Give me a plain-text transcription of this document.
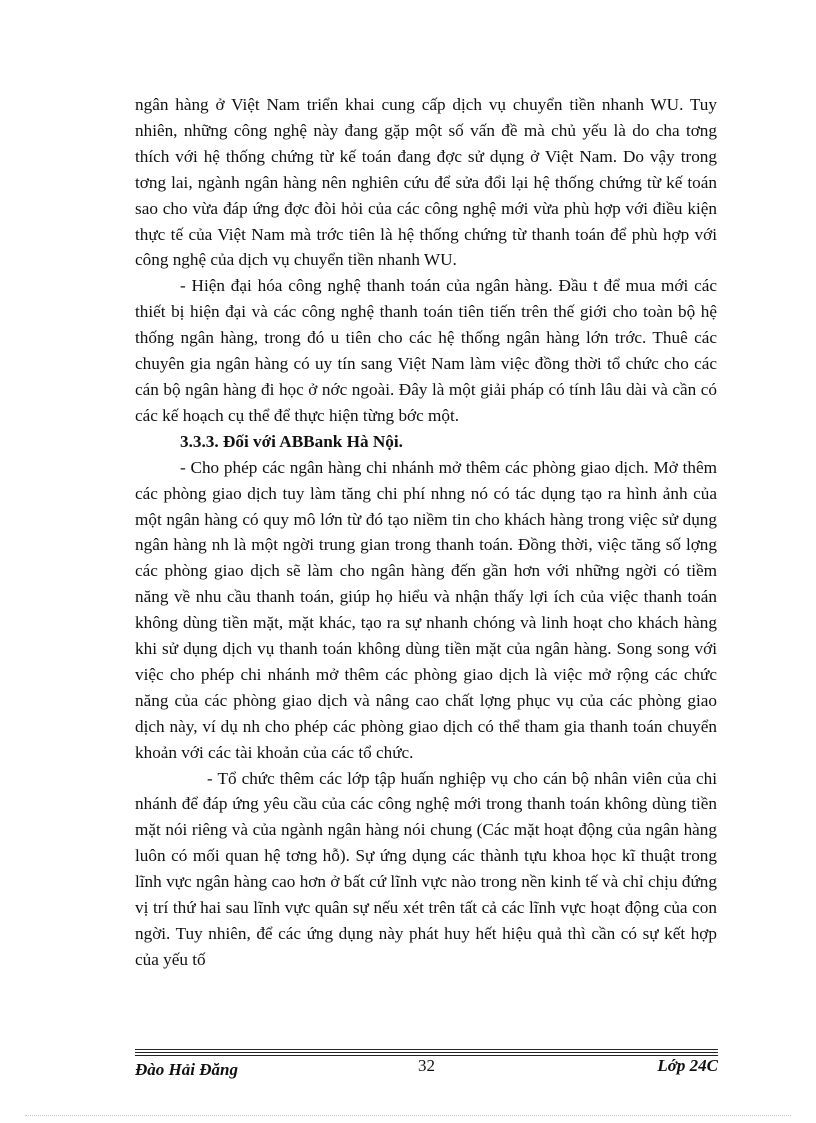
ngân hàng ở Việt Nam triển khai cung cấp dịch vụ chuyển tiền nhanh WU. Tuy nhiên, những công nghệ này đang gặp một số vấn đề mà chủ yếu là do cha tơng thích với hệ thống chứng từ kế toán đang đợc sử dụng ở Việt Nam. Do vậy trong tơng lai, ngành ngân hàng nên nghiên cứu để sửa đổi lại hệ thống chứng từ kế toán sao cho vừa đáp ứng đợc đòi hỏi của các công nghệ mới vừa phù hợp với điều kiện thực tế của Việt Nam mà trớc tiên là hệ thống chứng từ thanh toán để phù hợp với công nghệ của dịch vụ chuyển tiền nhanh WU.

- Hiện đại hóa công nghệ thanh toán của ngân hàng. Đầu t để mua mới các thiết bị hiện đại và các công nghệ thanh toán tiên tiến trên thế giới cho toàn bộ hệ thống ngân hàng, trong đó u tiên cho các hệ thống ngân hàng lớn trớc. Thuê các chuyên gia ngân hàng có uy tín sang Việt Nam làm việc đồng thời tổ chức cho các cán bộ ngân hàng đi học ở nớc ngoài. Đây là một giải pháp có tính lâu dài và cần có các kế hoạch cụ thể để thực hiện từng bớc một.

3.3.3. Đối với ABBank Hà Nội.

- Cho phép các ngân hàng chi nhánh mở thêm các phòng giao dịch. Mở thêm các phòng giao dịch tuy làm tăng chi phí nhng nó có tác dụng tạo ra hình ảnh của một ngân hàng có quy mô lớn từ đó tạo niềm tin cho khách hàng trong việc sử dụng ngân hàng nh là một ngời trung gian trong thanh toán. Đồng thời, việc tăng số lợng các phòng giao dịch sẽ làm cho ngân hàng đến gần hơn với những ngời có tiềm năng về nhu cầu thanh toán, giúp họ hiểu và nhận thấy lợi ích của việc thanh toán không dùng tiền mặt, mặt khác, tạo ra sự nhanh chóng và linh hoạt cho khách hàng khi sử dụng dịch vụ thanh toán không dùng tiền mặt của ngân hàng. Song song với việc cho phép chi nhánh mở thêm các phòng giao dịch là việc mở rộng các chức năng của các phòng giao dịch và nâng cao chất lợng phục vụ của các phòng giao dịch này, ví dụ nh cho phép các phòng giao dịch có thể tham gia thanh toán chuyển khoản với các tài khoản của các tổ chức.

- Tổ chức thêm các lớp tập huấn nghiệp vụ cho cán bộ nhân viên của chi nhánh để đáp ứng yêu cầu của các công nghệ mới trong thanh toán không dùng tiền mặt nói riêng và của ngành ngân hàng nói chung (Các mặt hoạt động của ngân hàng luôn có mối quan hệ tơng hỗ). Sự ứng dụng các thành tựu khoa học kĩ thuật trong lĩnh vực ngân hàng cao hơn ở bất cứ lĩnh vực nào trong nền kinh tế và chỉ chịu đứng vị trí thứ hai sau lĩnh vực quân sự nếu xét trên tất cả các lĩnh vực hoạt động của con ngời. Tuy nhiên, để các ứng dụng này phát huy hết hiệu quả thì cần có sự kết hợp của yếu tố

Đào Hải Đăng	32	Lớp 24C
